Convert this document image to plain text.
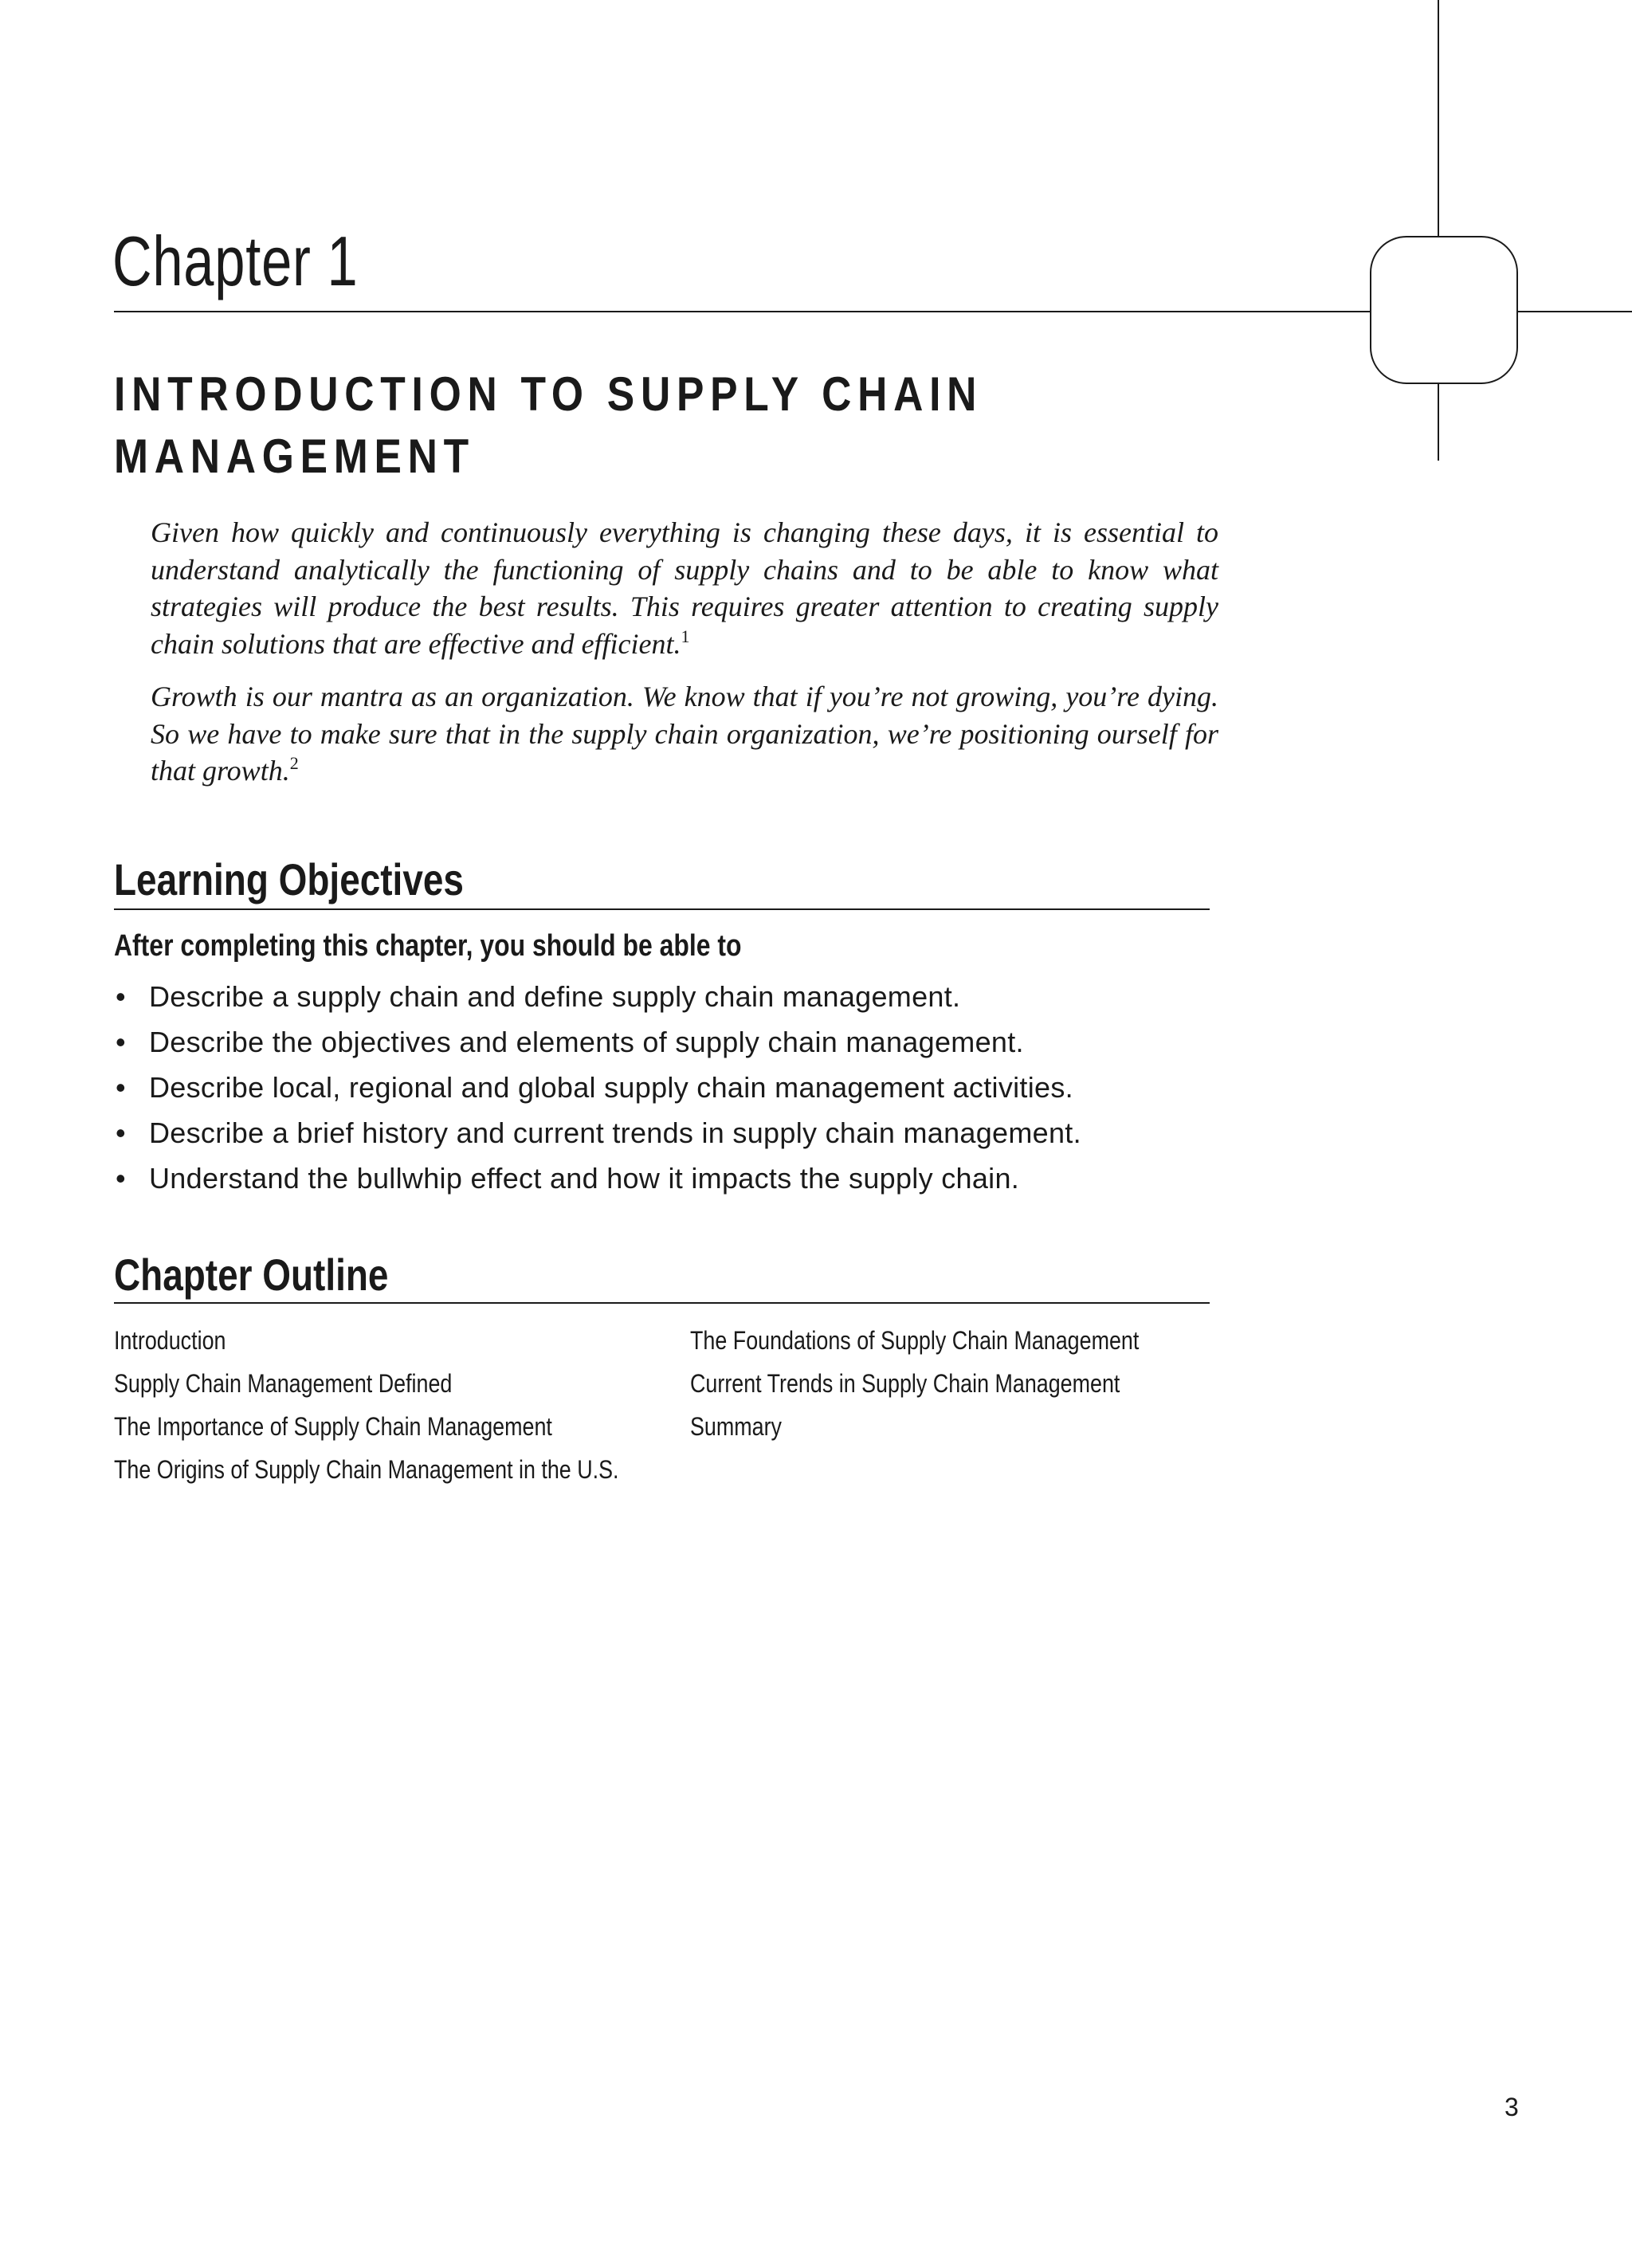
Chapter 1
INTRODUCTION TO SUPPLY CHAIN
MANAGEMENT

Given how quickly and continuously everything is changing these days, it is essential to understand analytically the functioning of supply chains and to be able to know what strategies will produce the best results. This requires greater attention to creating supply chain solutions that are effective and efficient.$^1$

Growth is our mantra as an organization. We know that if you’re not growing, you’re dying. So we have to make sure that in the supply chain organization, we’re positioning ourself for that growth.$^2$

Learning Objectives
After completing this chapter, you should be able to
• Describe a supply chain and define supply chain management.
• Describe the objectives and elements of supply chain management.
• Describe local, regional and global supply chain management activities.
• Describe a brief history and current trends in supply chain management.
• Understand the bullwhip effect and how it impacts the supply chain.
Chapter Outline
Introduction
Supply Chain Management Defined
The Importance of Supply Chain Management
The Origins of Supply Chain Management in the U.S.
The Foundations of Supply Chain Management
Current Trends in Supply Chain Management
Summary
3
